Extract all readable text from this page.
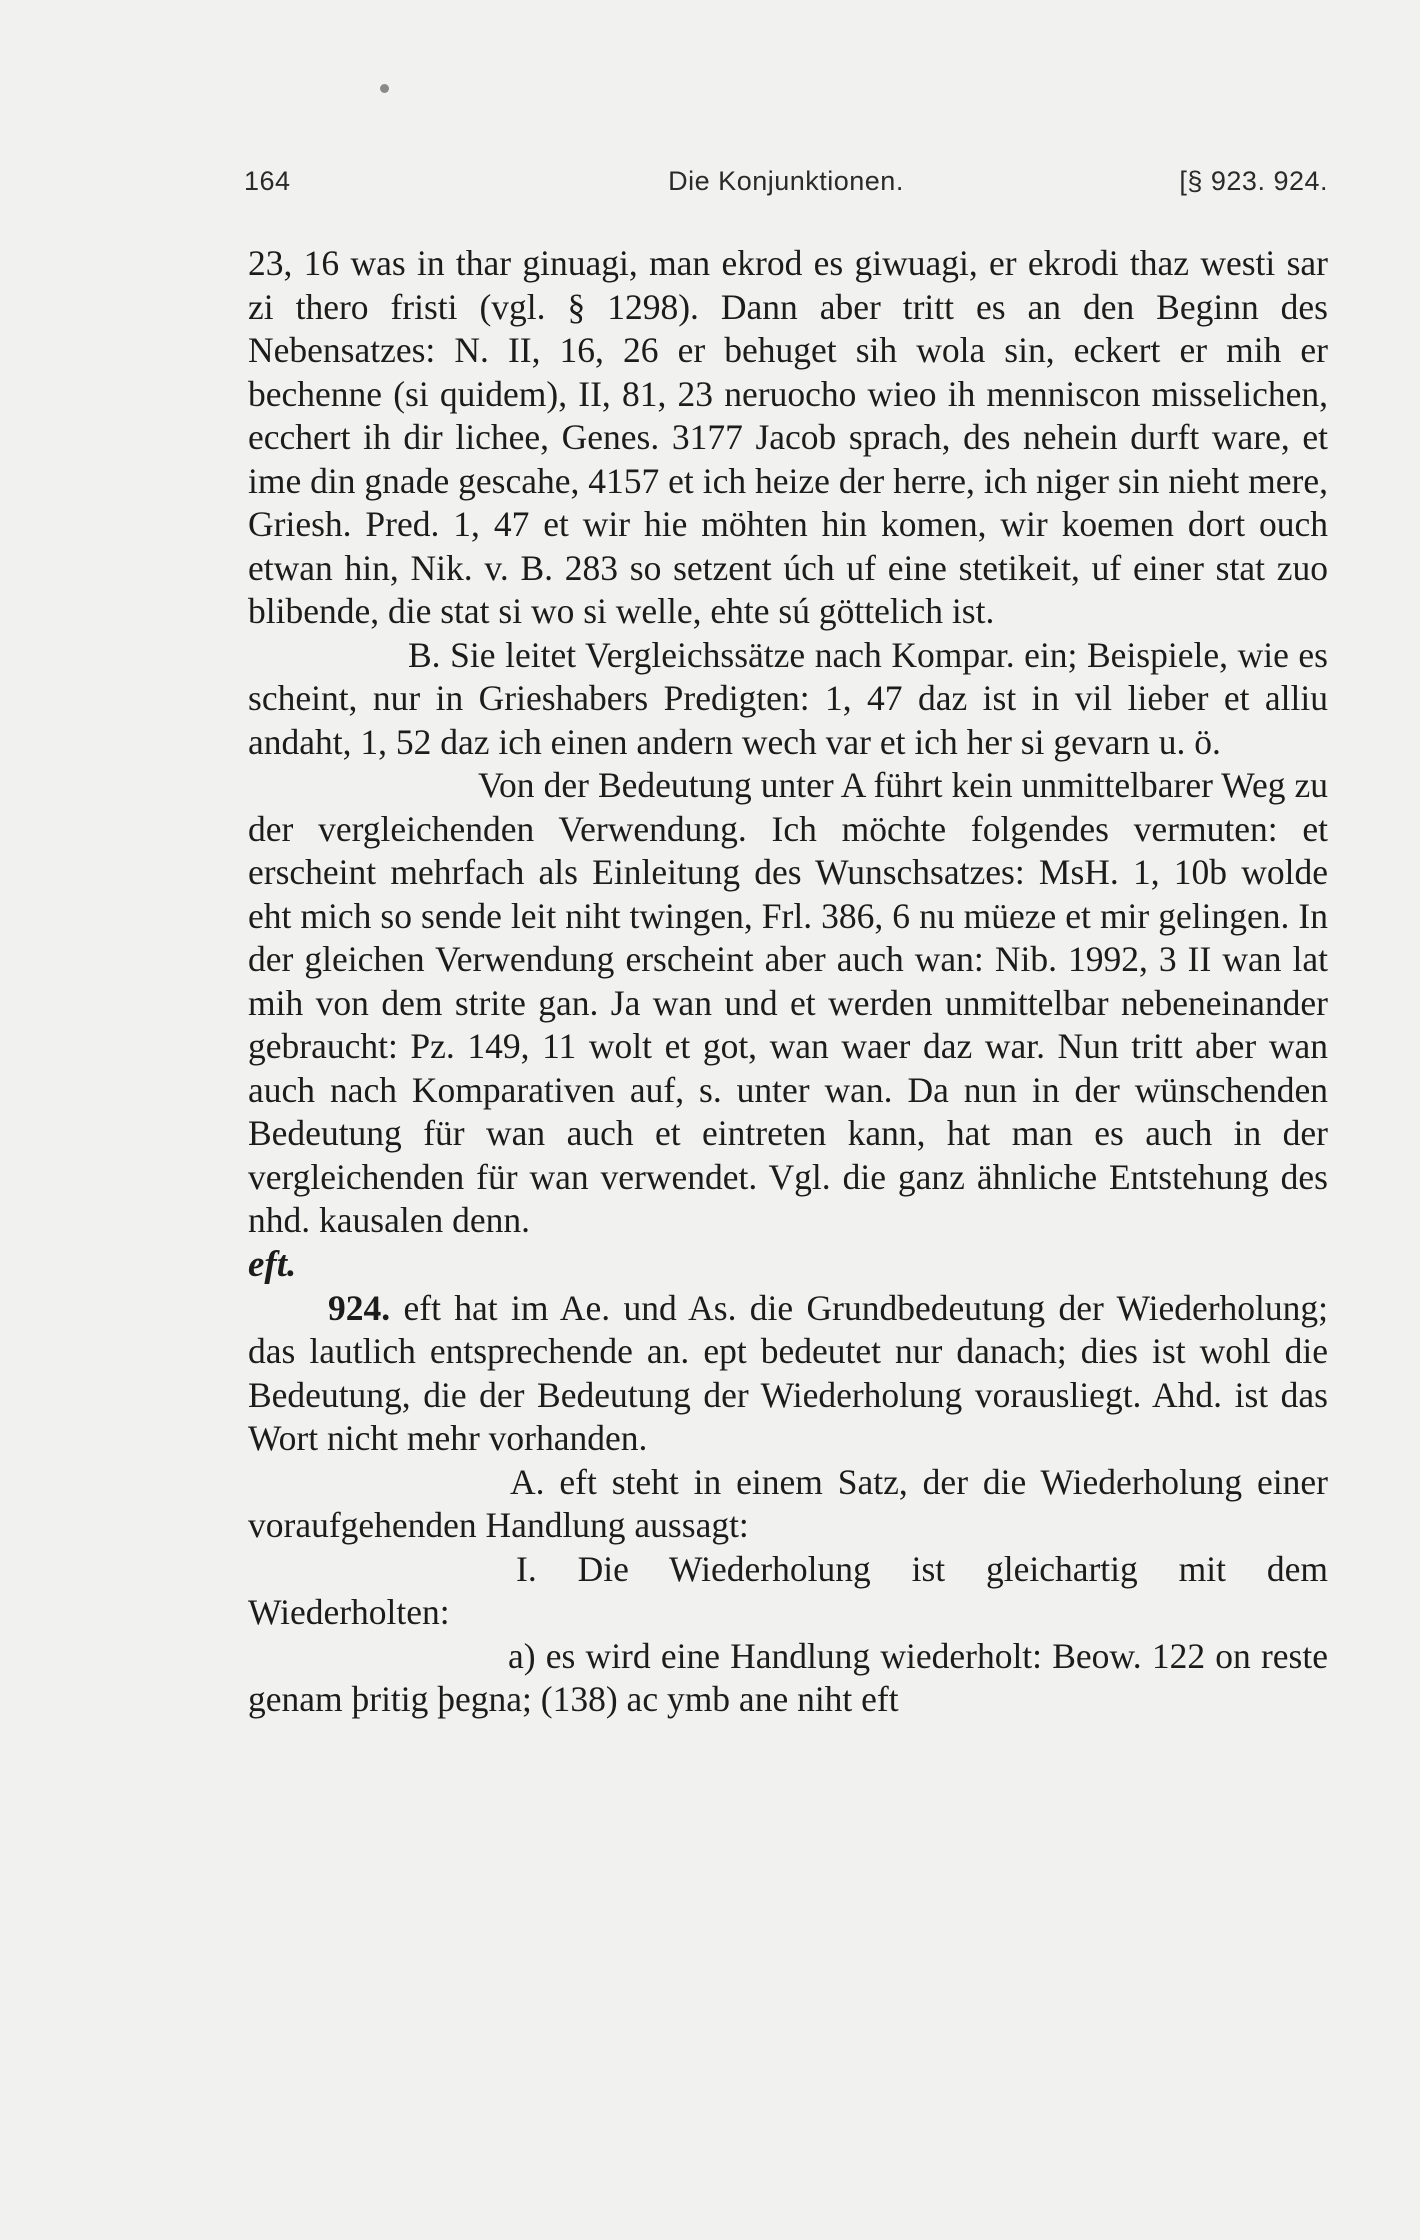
Die Konjunktionen.
164	[§ 923. 924.

23, 16 was in thar ginuagi, man ekrod es giwuagi, er ekrodi thaz westi sar zi thero fristi (vgl. § 1298). Dann aber tritt es an den Beginn des Nebensatzes: N. II, 16, 26 er behuget sih wola sin, eckert er mih er bechenne (si quidem), II, 81, 23 neruocho wieo ih menniscon misselichen, ecchert ih dir lichee, Genes. 3177 Jacob sprach, des nehein durft ware, et ime din gnade gescahe, 4157 et ich heize der herre, ich niger sin nieht mere, Griesh. Pred. 1, 47 et wir hie möhten hin komen, wir koemen dort ouch etwan hin, Nik. v. B. 283 so setzent úch uf eine stetikeit, uf einer stat zuo blibende, die stat si wo si welle, ehte sú göttelich ist.

B. Sie leitet Vergleichssätze nach Kompar. ein; Beispiele, wie es scheint, nur in Grieshabers Predigten: 1, 47 daz ist in vil lieber et alliu andaht, 1, 52 daz ich einen andern wech var et ich her si gevarn u. ö.

Von der Bedeutung unter A führt kein unmittelbarer Weg zu der vergleichenden Verwendung. Ich möchte folgendes vermuten: et erscheint mehrfach als Einleitung des Wunschsatzes: MsH. 1, 10b wolde eht mich so sende leit niht twingen, Frl. 386, 6 nu müeze et mir gelingen. In der gleichen Verwendung erscheint aber auch wan: Nib. 1992, 3 II wan lat mih von dem strite gan. Ja wan und et werden unmittelbar nebeneinander gebraucht: Pz. 149, 11 wolt et got, wan waer daz war. Nun tritt aber wan auch nach Komparativen auf, s. unter wan. Da nun in der wünschenden Bedeutung für wan auch et eintreten kann, hat man es auch in der vergleichenden für wan verwendet. Vgl. die ganz ähnliche Entstehung des nhd. kausalen denn.

eft.

924. eft hat im Ae. und As. die Grundbedeutung der Wiederholung; das lautlich entsprechende an. ept bedeutet nur danach; dies ist wohl die Bedeutung, die der Bedeutung der Wiederholung vorausliegt. Ahd. ist das Wort nicht mehr vorhanden.

A. eft steht in einem Satz, der die Wiederholung einer voraufgehenden Handlung aussagt:

I. Die Wiederholung ist gleichartig mit dem Wiederholten:

a) es wird eine Handlung wiederholt: Beow. 122 on reste genam þritig þegna; (138) ac ymb ane niht eft
